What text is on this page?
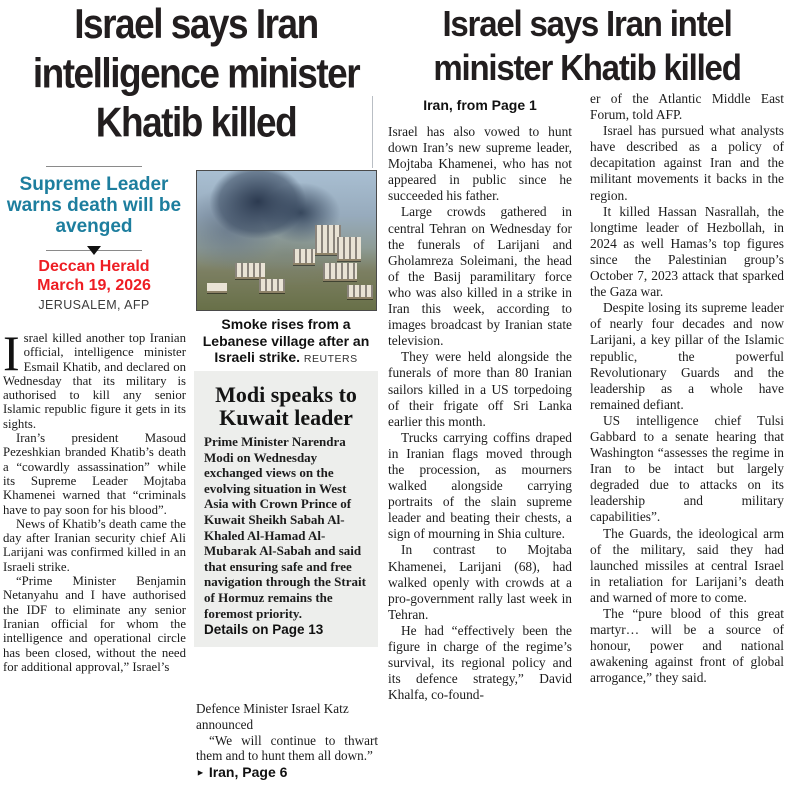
Israel says Iran
intelligence minister
Khatib killed
Supreme Leader warns death will be avenged
Deccan Herald
March 19, 2026
JERUSALEM, AFP

Israel killed another top Iranian official, intelligence minister Esmail Khatib, and declared on Wednesday that its military is authorised to kill any senior Islamic republic figure it gets in its sights.

Iran’s president Masoud Pezeshkian branded Khatib’s death a “cowardly assassination” while its Supreme Leader Mojtaba Khamenei warned that “criminals have to pay soon for his blood”.

News of Khatib’s death came the day after Iranian security chief Ali Larijani was confirmed killed in an Israeli strike.

“Prime Minister Benjamin Netanyahu and I have authorised the IDF to eliminate any senior Iranian official for whom the intelligence and operational circle has been closed, without the need for additional approval,” Israel’s

Smoke rises from a Lebanese village after an Israeli strike. REUTERS
Modi speaks to Kuwait leader
Prime Minister Narendra Modi on Wednesday exchanged views on the evolving situation in West Asia with Crown Prince of Kuwait Sheikh Sabah Al-Khaled Al-Hamad Al-Mubarak Al-Sabah and said that ensuring safe and free navigation through the Strait of Hormuz remains the foremost priority.
Details on Page 13

Defence Minister Israel Katz announced

“We will continue to thwart them and to hunt them all down.”

► Iran, Page 6
Israel says Iran intel
minister Khatib killed
Iran, from Page 1

Israel has also vowed to hunt down Iran’s new supreme leader, Mojtaba Khamenei, who has not appeared in public since he succeeded his father.

Large crowds gathered in central Tehran on Wednesday for the funerals of Larijani and Gholamreza Soleimani, the head of the Basij paramilitary force who was also killed in a strike in Iran this week, according to images broadcast by Iranian state television.

They were held alongside the funerals of more than 80 Iranian sailors killed in a US torpedoing of their frigate off Sri Lanka earlier this month.

Trucks carrying coffins draped in Iranian flags moved through the procession, as mourners walked alongside carrying portraits of the slain supreme leader and beating their chests, a sign of mourning in Shia culture.

In contrast to Mojtaba Khamenei, Larijani (68), had walked openly with crowds at a pro-government rally last week in Tehran.

He had “effectively been the figure in charge of the regime’s survival, its regional policy and its defence strategy,” David Khalfa, co-found-

er of the Atlantic Middle East Forum, told AFP.

Israel has pursued what analysts have described as a policy of decapitation against Iran and the militant movements it backs in the region.

It killed Hassan Nasrallah, the longtime leader of Hezbollah, in 2024 as well Hamas’s top figures since the Palestinian group’s October 7, 2023 attack that sparked the Gaza war.

Despite losing its supreme leader of nearly four decades and now Larijani, a key pillar of the Islamic republic, the powerful Revolutionary Guards and the leadership as a whole have remained defiant.

US intelligence chief Tulsi Gabbard to a senate hearing that Washington “assesses the regime in Iran to be intact but largely degraded due to attacks on its leadership and military capabilities”.

The Guards, the ideological arm of the military, said they had launched missiles at central Israel in retaliation for Larijani’s death and warned of more to come.

The “pure blood of this great martyr… will be a source of honour, power and national awakening against front of global arrogance,” they said.
